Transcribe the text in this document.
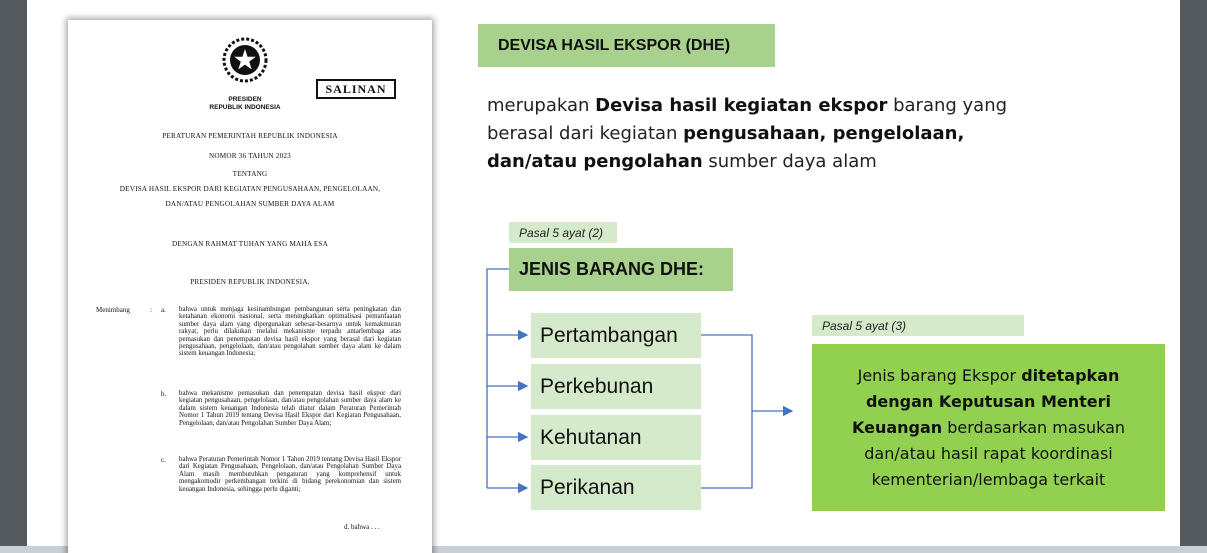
SALINAN
PRESIDEN
REPUBLIK INDONESIA
PERATURAN PEMERINTAH REPUBLIK INDONESIA
NOMOR 36 TAHUN 2023
TENTANG
DEVISA HASIL EKSPOR DARI KEGIATAN PENGUSAHAAN, PENGELOLAAN,
DAN/ATAU PENGOLAHAN SUMBER DAYA ALAM
DENGAN RAHMAT TUHAN YANG MAHA ESA
PRESIDEN REPUBLIK INDONESIA,
Menimbang	: a. bahwa untuk menjaga kesinambungan pembangunan serta peningkatan dan ketahanan ekonomi nasional, serta meningkatkan optimalisasi pemanfaatan sumber daya alam yang dipergunakan sebesar-besarnya untuk kemakmuran rakyat, perlu dilakukan melalui mekanisme terpadu antarlembaga atas pemasukan dan penempatan devisa hasil ekspor yang berasal dari kegiatan pengusahaan, pengelolaan, dan/atau pengolahan sumber daya alam ke dalam sistem keuangan Indonesia;
b. bahwa mekanisme pemasukan dan penempatan devisa hasil ekspor dari kegiatan pengusahaan, pengelolaan, dan/atau pengolahan sumber daya alam ke dalam sistem keuangan Indonesia telah diatur dalam Peraturan Pemerintah Nomor 1 Tahun 2019 tentang Devisa Hasil Ekspor dari Kegiatan Pengusahaan, Pengelolaan, dan/atau Pengolahan Sumber Daya Alam;
c. bahwa Peraturan Pemerintah Nomor 1 Tahun 2019 tentang Devisa Hasil Ekspor dari Kegiatan Pengusahaan, Pengelolaan, dan/atau Pengolahan Sumber Daya Alam masih membutuhkan pengaturan yang komprehensif untuk mengakomodir perkembangan terkini di bidang perekonomian dan sistem keuangan Indonesia, sehingga perlu diganti;
d. bahwa . . .
DEVISA HASIL EKSPOR (DHE)
merupakan Devisa hasil kegiatan ekspor barang yang berasal dari kegiatan pengusahaan, pengelolaan, dan/atau pengolahan sumber daya alam
Pasal 5 ayat (2)
JENIS BARANG DHE:
Pertambangan
Perkebunan
Kehutanan
Perikanan
Pasal 5 ayat (3)
Jenis barang Ekspor ditetapkan dengan Keputusan Menteri Keuangan berdasarkan masukan dan/atau hasil rapat koordinasi kementerian/lembaga terkait
